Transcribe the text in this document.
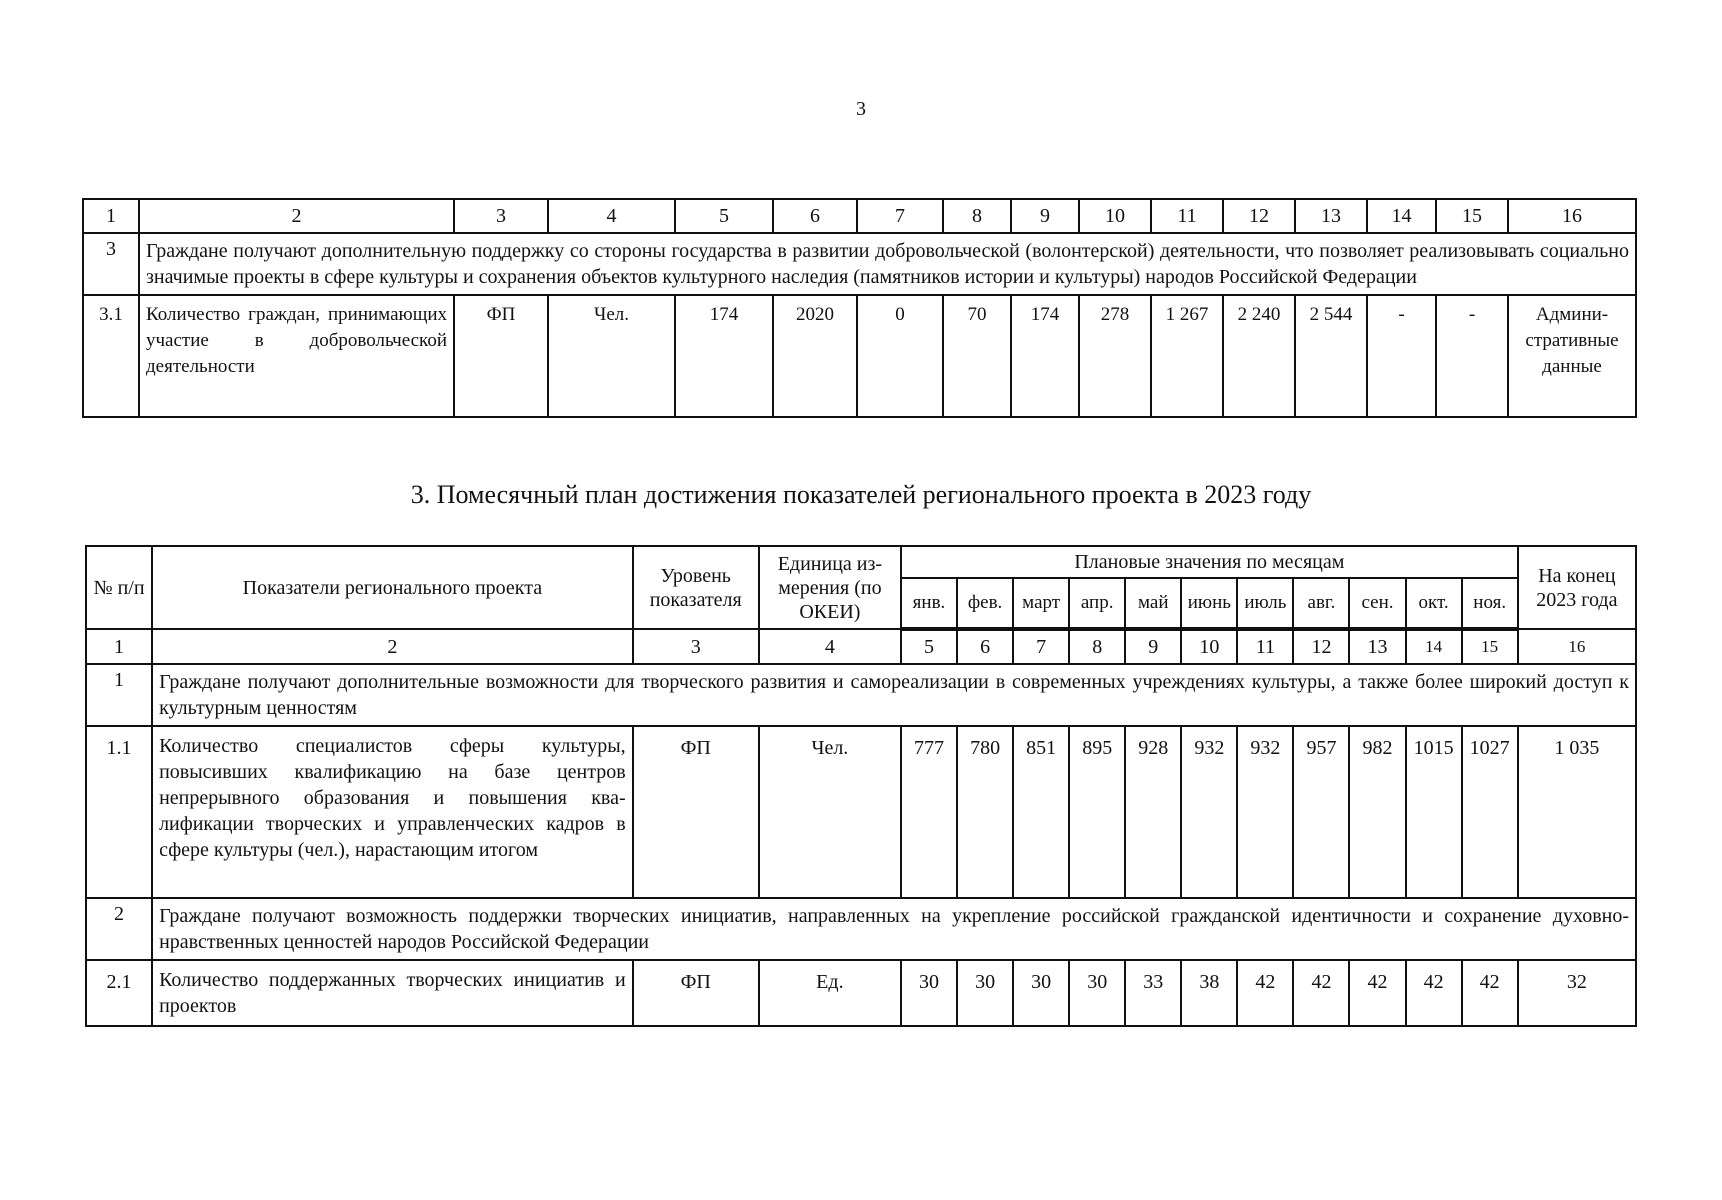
3
1	2	3	4	5	6	7	8	9	10	11	12	13	14	15	16
3	Граждане получают дополнительную поддержку со стороны государства в развитии добровольческой (волонтерской) деятельности, что позволяет реализовывать социально значимые проекты в сфере культуры и сохранения объектов культурного наследия (памятников истории и культуры) народов Российской Федерации														
3.1	Количество граждан, принимающих участие в добровольческой деятельности	ФП	Чел.	174	2020	0	70	174	278	1 267	2 240	2 544	-	-	Административные данные
3. Помесячный план достижения показателей регионального проекта в 2023 году
№ п/п	Показатели регионального проекта	Уровень показателя	Единица измерения (по ОКЕИ)	Плановые значения по месяцам											На конец 2023 года
				янв.	фев.	март	апр.	май	июнь	июль	авг.	сен.	окт.	ноя.	
1	2	3	4	5	6	7	8	9	10	11	12	13	14	15	16
1	Граждане получают дополнительные возможности для творческого развития и самореализации в современных учреждениях культуры, а также более широкий доступ к культурным ценностям														
1.1	Количество специалистов сферы культуры, повысивших квалификацию на базе центров непрерывного образования и повышения квалификации творческих и управленческих кадров в сфере культуры (чел.), нарастающим итогом	ФП	Чел.	777	780	851	895	928	932	932	957	982	1015	1027	1 035
2	Граждане получают возможность поддержки творческих инициатив, направленных на укрепление российской гражданской идентичности и сохранение духовно-нравственных ценностей народов Российской Федерации														
2.1	Количество поддержанных творческих инициатив и проектов	ФП	Ед.	30	30	30	30	33	38	42	42	42	42	42	32
